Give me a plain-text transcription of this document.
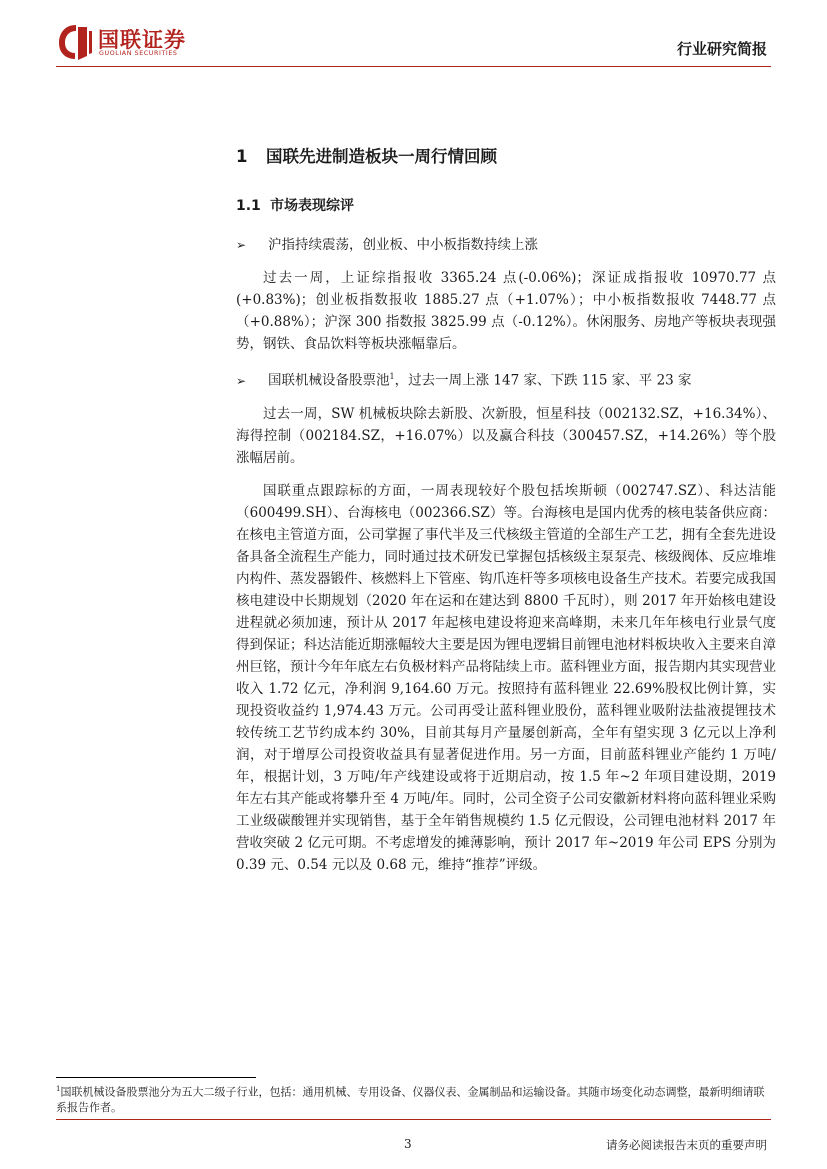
国联证券
GUOLIAN SECURITIES	行业研究简报
1 国联先进制造板块一周行情回顾
1.1 市场表现综评
➢ 沪指持续震荡，创业板、中小板指数持续上涨

过去一周，上证综指报收 3365.24 点(-0.06%)；深证成指报收 10970.77 点(+0.83%)；创业板指数报收 1885.27 点（+1.07%）；中小板指数报收 7448.77 点（+0.88%）；沪深 300 指数报 3825.99 点（-0.12%）。休闲服务、房地产等板块表现强势，钢铁、食品饮料等板块涨幅靠后。

➢ 国联机械设备股票池$^1$，过去一周上涨 147 家、下跌 115 家、平 23 家

过去一周，SW 机械板块除去新股、次新股，恒星科技（002132.SZ，+16.34%）、海得控制（002184.SZ，+16.07%）以及赢合科技（300457.SZ，+14.26%）等个股涨幅居前。

国联重点跟踪标的方面，一周表现较好个股包括埃斯顿（002747.SZ）、科达洁能（600499.SH）、台海核电（002366.SZ）等。台海核电是国内优秀的核电装备供应商：在核电主管道方面，公司掌握了事代半及三代核级主管道的全部生产工艺，拥有全套先进设备具备全流程生产能力，同时通过技术研发已掌握包括核级主泵泵壳、核级阀体、反应堆堆内构件、蒸发器锻件、核燃料上下管座、钩爪连杆等多项核电设备生产技术。若要完成我国核电建设中长期规划（2020 年在运和在建达到 8800 千瓦时），则 2017 年开始核电建设进程就必须加速，预计从 2017 年起核电建设将迎来高峰期，未来几年年核电行业景气度得到保证；科达洁能近期涨幅较大主要是因为锂电逻辑目前锂电池材料板块收入主要来自漳州巨铭，预计今年年底左右负极材料产品将陆续上市。蓝科锂业方面，报告期内其实现营业收入 1.72 亿元，净利润 9,164.60 万元。按照持有蓝科锂业 22.69%股权比例计算，实现投资收益约 1,974.43 万元。公司再受让蓝科锂业股份，蓝科锂业吸附法盐液提锂技术较传统工艺节约成本约 30%，目前其每月产量屡创新高，全年有望实现 3 亿元以上净利润，对于增厚公司投资收益具有显著促进作用。另一方面，目前蓝科锂业产能约 1 万吨/年，根据计划，3 万吨/年产线建设或将于近期启动，按 1.5 年~2 年项目建设期，2019 年左右其产能或将攀升至 4 万吨/年。同时，公司全资子公司安徽新材料将向蓝科锂业采购工业级碳酸锂并实现销售，基于全年销售规模约 1.5 亿元假设，公司锂电池材料 2017 年营收突破 2 亿元可期。不考虑增发的摊薄影响，预计 2017 年~2019 年公司 EPS 分别为 0.39 元、0.54 元以及 0.68 元，维持“推荐”评级。

$^1$国联机械设备股票池分为五大二级子行业，包括：通用机械、专用设备、仪器仪表、金属制品和运输设备。其随市场变化动态调整，最新明细请联系报告作者。
3	请务必阅读报告末页的重要声明
